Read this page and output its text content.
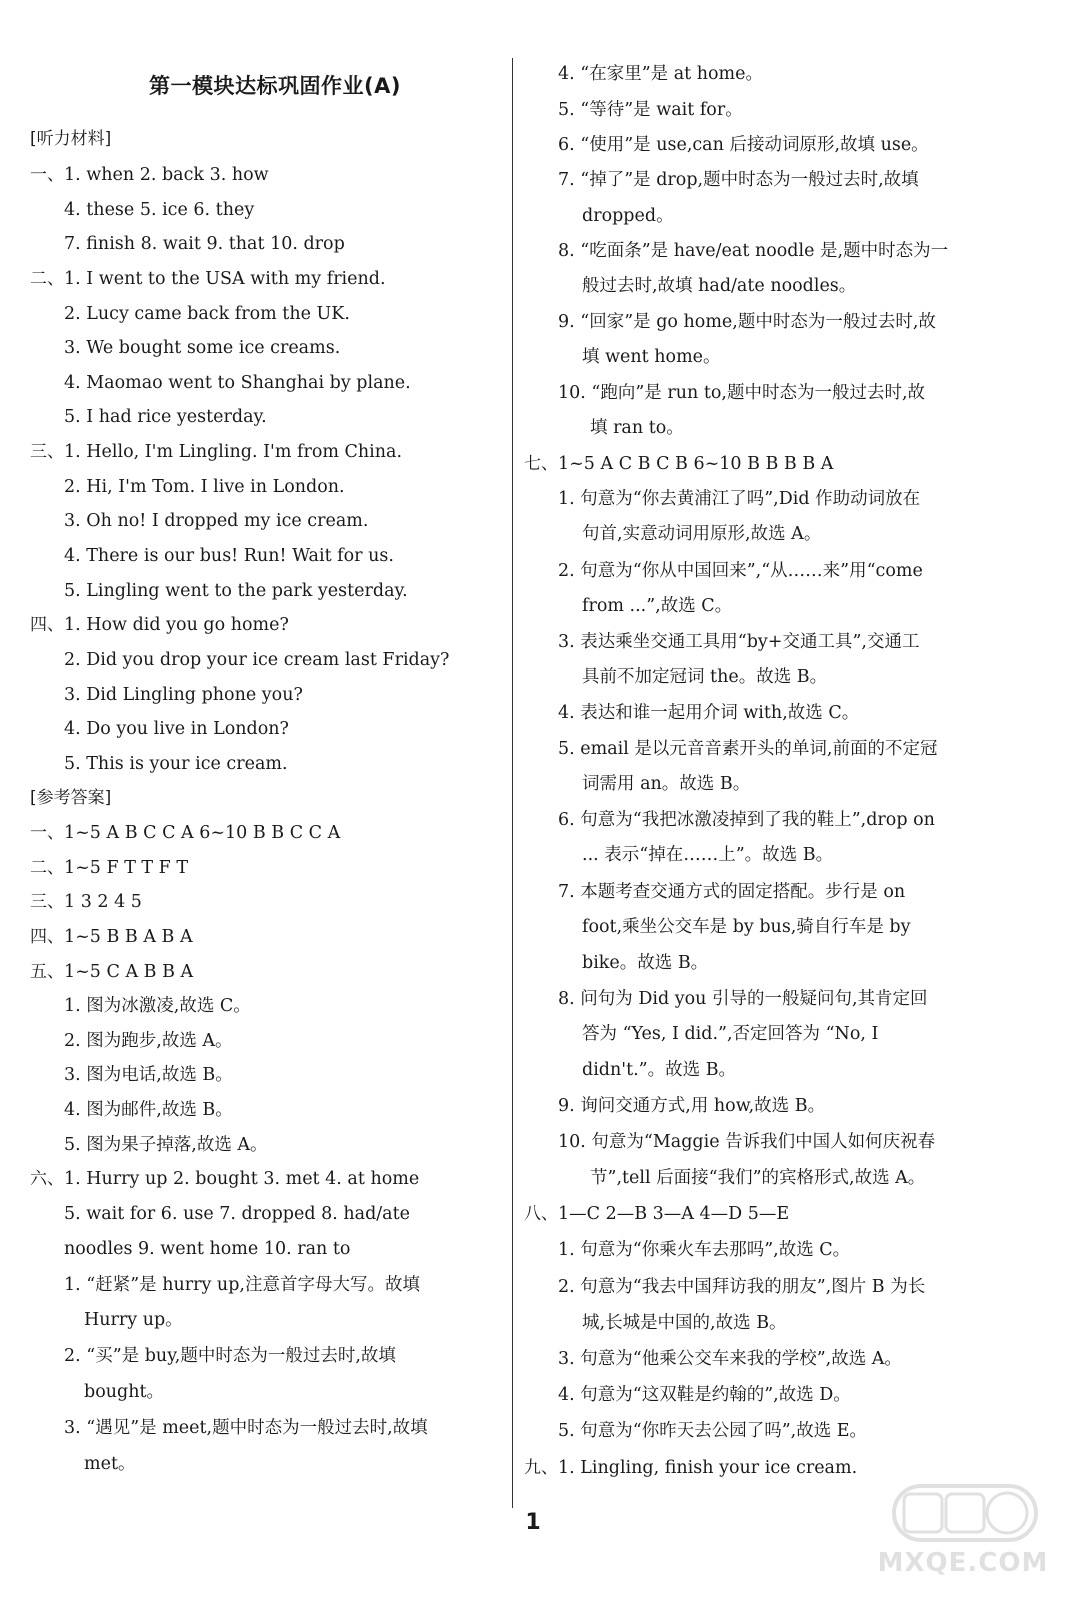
第一模块达标巩固作业(A)
[听力材料]
一、 1. when 2. back 3. how
4. these 5. ice 6. they
7. finish 8. wait 9. that 10. drop
二、 1. I went to the USA with my friend.
2. Lucy came back from the UK.
3. We bought some ice creams.
4. Maomao went to Shanghai by plane.
5. I had rice yesterday.
三、 1. Hello, I'm Lingling. I'm from China.
2. Hi, I'm Tom. I live in London.
3. Oh no! I dropped my ice cream.
4. There is our bus! Run! Wait for us.
5. Lingling went to the park yesterday.
四、 1. How did you go home?
2. Did you drop your ice cream last Friday?
3. Did Lingling phone you?
4. Do you live in London?
5. This is your ice cream.
[参考答案]
一、 1~5 A B C C A 6~10 B B C C A
二、 1~5 F T T F T
三、 1 3 2 4 5
四、 1~5 B B A B A
五、 1~5 C A B B A
1. 图为冰激凌,故选 C。
2. 图为跑步,故选 A。
3. 图为电话,故选 B。
4. 图为邮件,故选 B。
5. 图为果子掉落,故选 A。
六、 1. Hurry up 2. bought 3. met 4. at home
5. wait for 6. use 7. dropped 8. had/ate
noodles 9. went home 10. ran to
1. “赶紧”是 hurry up,注意首字母大写。故填
Hurry up。
2. “买”是 buy,题中时态为一般过去时,故填
bought。
3. “遇见”是 meet,题中时态为一般过去时,故填
met。
4. “在家里”是 at home。
5. “等待”是 wait for。
6. “使用”是 use,can 后接动词原形,故填 use。
7. “掉了”是 drop,题中时态为一般过去时,故填
dropped。
8. “吃面条”是 have/eat noodle 是,题中时态为一
般过去时,故填 had/ate noodles。
9. “回家”是 go home,题中时态为一般过去时,故
填 went home。
10. “跑向”是 run to,题中时态为一般过去时,故
填 ran to。
七、 1~5 A C B C B 6~10 B B B B A
1. 句意为“你去黄浦江了吗”,Did 作助动词放在
句首,实意动词用原形,故选 A。
2. 句意为“你从中国回来”,“从……来”用“come
from ...”,故选 C。
3. 表达乘坐交通工具用“by+交通工具”,交通工
具前不加定冠词 the。故选 B。
4. 表达和谁一起用介词 with,故选 C。
5. email 是以元音音素开头的单词,前面的不定冠
词需用 an。故选 B。
6. 句意为“我把冰激凌掉到了我的鞋上”,drop on
... 表示“掉在……上”。故选 B。
7. 本题考查交通方式的固定搭配。步行是 on
foot,乘坐公交车是 by bus,骑自行车是 by
bike。故选 B。
8. 问句为 Did you 引导的一般疑问句,其肯定回
答为 “Yes, I did.”,否定回答为 “No, I
didn't.”。故选 B。
9. 询问交通方式,用 how,故选 B。
10. 句意为“Maggie 告诉我们中国人如何庆祝春
节”,tell 后面接“我们”的宾格形式,故选 A。
八、 1—C 2—B 3—A 4—D 5—E
1. 句意为“你乘火车去那吗”,故选 C。
2. 句意为“我去中国拜访我的朋友”,图片 B 为长
城,长城是中国的,故选 B。
3. 句意为“他乘公交车来我的学校”,故选 A。
4. 句意为“这双鞋是约翰的”,故选 D。
5. 句意为“你昨天去公园了吗”,故选 E。
九、 1. Lingling, finish your ice cream.
1
MXQE.COM
